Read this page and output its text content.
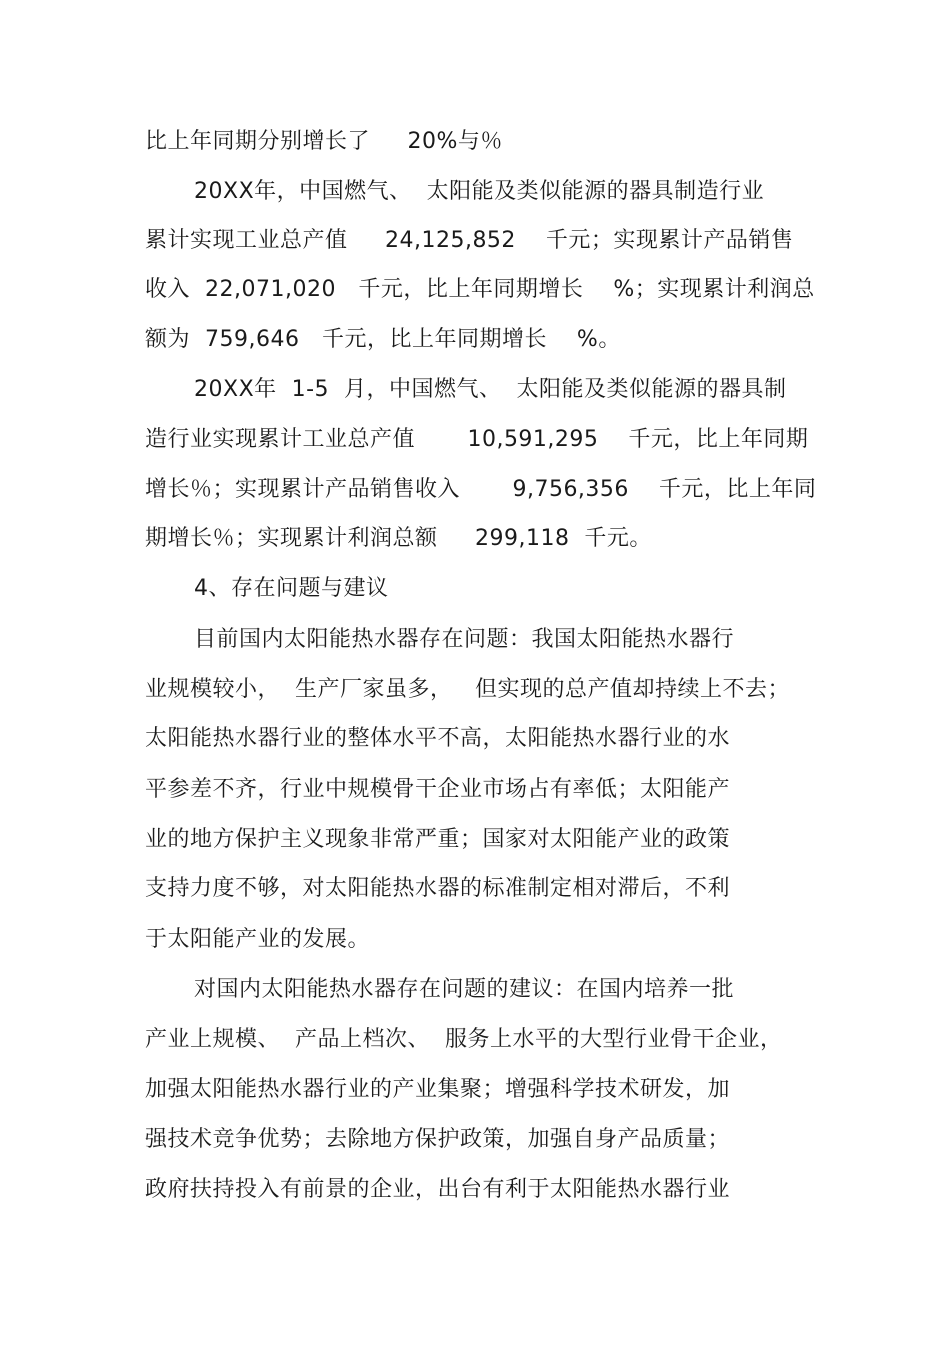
比上年同期分别增长了     20%与％
20XX年，中国燃气、  太阳能及类似能源的器具制造行业
累计实现工业总产值     24,125,852    千元；实现累计产品销售
收入  22,071,020   千元，比上年同期增长    %；实现累计利润总
额为  759,646   千元，比上年同期增长    %。
20XX年  1-5  月，中国燃气、  太阳能及类似能源的器具制
造行业实现累计工业总产值       10,591,295    千元，比上年同期
增长％；实现累计产品销售收入       9,756,356    千元，比上年同
期增长％；实现累计利润总额     299,118  千元。
4、存在问题与建议
目前国内太阳能热水器存在问题：我国太阳能热水器行
业规模较小，  生产厂家虽多，   但实现的总产值却持续上不去；
太阳能热水器行业的整体水平不高，太阳能热水器行业的水
平参差不齐，行业中规模骨干企业市场占有率低；太阳能产
业的地方保护主义现象非常严重；国家对太阳能产业的政策
支持力度不够，对太阳能热水器的标准制定相对滞后，不利
于太阳能产业的发展。
对国内太阳能热水器存在问题的建议：在国内培养一批
产业上规模、  产品上档次、  服务上水平的大型行业骨干企业，
加强太阳能热水器行业的产业集聚；增强科学技术研发，加
强技术竞争优势；去除地方保护政策，加强自身产品质量；
政府扶持投入有前景的企业，出台有利于太阳能热水器行业
